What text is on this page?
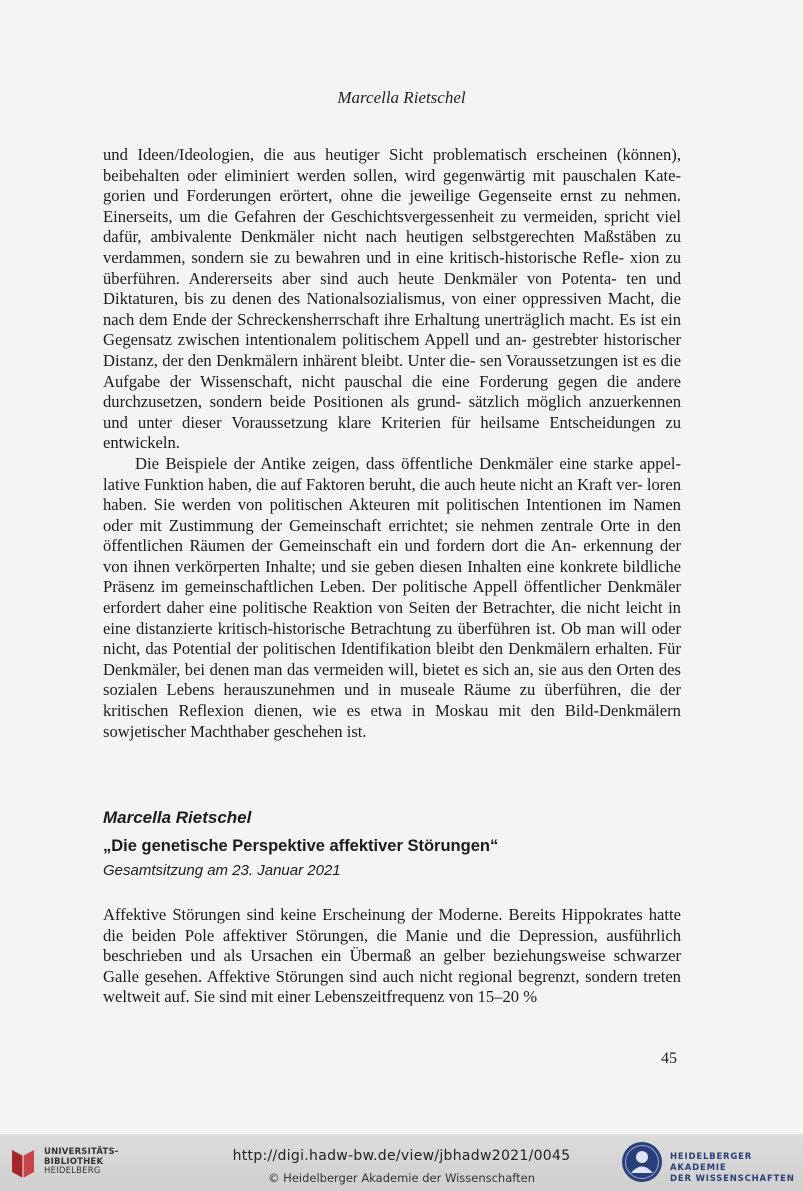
Marcella Rietschel

und Ideen/Ideologien, die aus heutiger Sicht problematisch erscheinen (können), beibehalten oder eliminiert werden sollen, wird gegenwärtig mit pauschalen Kate- gorien und Forderungen erörtert, ohne die jeweilige Gegenseite ernst zu nehmen. Einerseits, um die Gefahren der Geschichtsvergessenheit zu vermeiden, spricht viel dafür, ambivalente Denkmäler nicht nach heutigen selbstgerechten Maßstäben zu verdammen, sondern sie zu bewahren und in eine kritisch-historische Refle- xion zu überführen. Andererseits aber sind auch heute Denkmäler von Potenta- ten und Diktaturen, bis zu denen des Nationalsozialismus, von einer oppressiven Macht, die nach dem Ende der Schreckensherrschaft ihre Erhaltung unerträglich macht. Es ist ein Gegensatz zwischen intentionalem politischem Appell und an- gestrebter historischer Distanz, der den Denkmälern inhärent bleibt. Unter die- sen Voraussetzungen ist es die Aufgabe der Wissenschaft, nicht pauschal die eine Forderung gegen die andere durchzusetzen, sondern beide Positionen als grund- sätzlich möglich anzuerkennen und unter dieser Voraussetzung klare Kriterien für heilsame Entscheidungen zu entwickeln.

Die Beispiele der Antike zeigen, dass öffentliche Denkmäler eine starke appel- lative Funktion haben, die auf Faktoren beruht, die auch heute nicht an Kraft ver- loren haben. Sie werden von politischen Akteuren mit politischen Intentionen im Namen oder mit Zustimmung der Gemeinschaft errichtet; sie nehmen zentrale Orte in den öffentlichen Räumen der Gemeinschaft ein und fordern dort die An- erkennung der von ihnen verkörperten Inhalte; und sie geben diesen Inhalten eine konkrete bildliche Präsenz im gemeinschaftlichen Leben. Der politische Appell öffentlicher Denkmäler erfordert daher eine politische Reaktion von Seiten der Betrachter, die nicht leicht in eine distanzierte kritisch-historische Betrachtung zu überführen ist. Ob man will oder nicht, das Potential der politischen Identifikation bleibt den Denkmälern erhalten. Für Denkmäler, bei denen man das vermeiden will, bietet es sich an, sie aus den Orten des sozialen Lebens herauszunehmen und in museale Räume zu überführen, die der kritischen Reflexion dienen, wie es etwa in Moskau mit den Bild-Denkmälern sowjetischer Machthaber geschehen ist.

Marcella Rietschel
„Die genetische Perspektive affektiver Störungen“
Gesamtsitzung am 23. Januar 2021

Affektive Störungen sind keine Erscheinung der Moderne. Bereits Hippokrates hatte die beiden Pole affektiver Störungen, die Manie und die Depression, ausführlich beschrieben und als Ursachen ein Übermaß an gelber beziehungsweise schwarzer Galle gesehen. Affektive Störungen sind auch nicht regional begrenzt, sondern treten weltweit auf. Sie sind mit einer Lebenszeitfrequenz von 15–20 %

45
UNIVERSITÄTS-
BIBLIOTHEK
HEIDELBERG
http://digi.hadw-bw.de/view/jbhadw2021/0045
© Heidelberger Akademie der Wissenschaften
HEIDELBERGER AKADEMIE
DER WISSENSCHAFTEN
